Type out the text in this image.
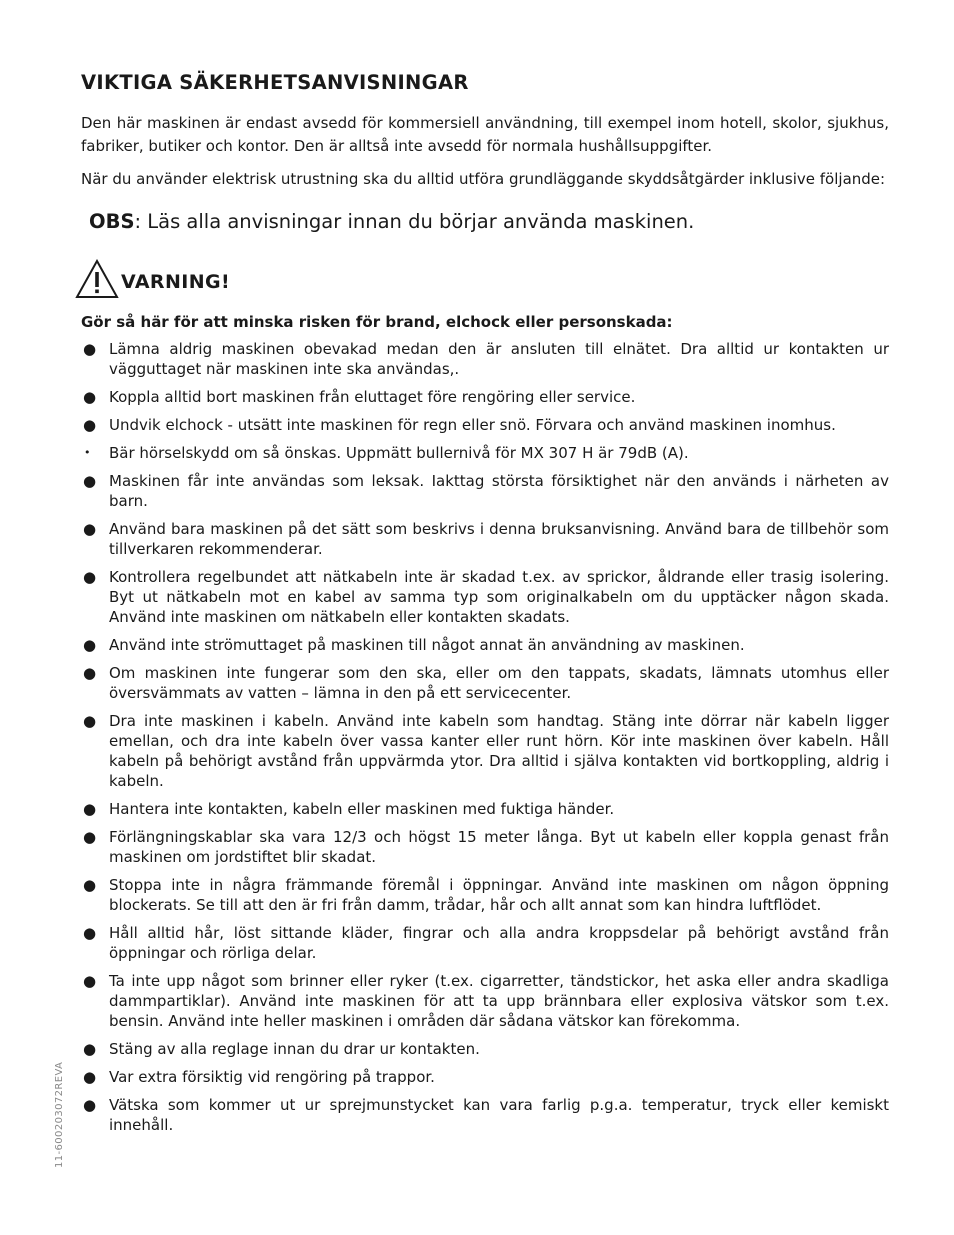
VIKTIGA SÄKERHETSANVISNINGAR

Den här maskinen är endast avsedd för kommersiell användning, till exempel inom hotell, skolor, sjukhus, fabriker, butiker och kontor. Den är alltså inte avsedd för normala hushållsuppgifter.

När du använder elektrisk utrustning ska du alltid utföra grundläggande skyddsåtgärder inklusive följande:

OBS: Läs alla anvisningar innan du börjar använda maskinen.
VARNING!
Gör så här för att minska risken för brand, elchock eller personskada:
● Lämna aldrig maskinen obevakad medan den är ansluten till elnätet. Dra alltid ur kontakten ur vägguttaget när maskinen inte ska användas,.
● Koppla alltid bort maskinen från eluttaget före rengöring eller service.
● Undvik elchock - utsätt inte maskinen för regn eller snö. Förvara och använd maskinen inomhus.
• Bär hörselskydd om så önskas. Uppmätt bullernivå för MX 307 H är 79dB (A).
● Maskinen får inte användas som leksak. Iakttag största försiktighet när den används i närheten av barn.
● Använd bara maskinen på det sätt som beskrivs i denna bruksanvisning. Använd bara de tillbehör som tillverkaren rekommenderar.
● Kontrollera regelbundet att nätkabeln inte är skadad t.ex. av sprickor, åldrande eller trasig isolering. Byt ut nätkabeln mot en kabel av samma typ som originalkabeln om du upptäcker någon skada. Använd inte maskinen om nätkabeln eller kontakten skadats.
● Använd inte strömuttaget på maskinen till något annat än användning av maskinen.
● Om maskinen inte fungerar som den ska, eller om den tappats, skadats, lämnats utomhus eller översvämmats av vatten – lämna in den på ett servicecenter.
● Dra inte maskinen i kabeln. Använd inte kabeln som handtag. Stäng inte dörrar när kabeln ligger emellan, och dra inte kabeln över vassa kanter eller runt hörn. Kör inte maskinen över kabeln. Håll kabeln på behörigt avstånd från uppvärmda ytor. Dra alltid i själva kontakten vid bortkoppling, aldrig i kabeln.
● Hantera inte kontakten, kabeln eller maskinen med fuktiga händer.
● Förlängningskablar ska vara 12/3 och högst 15 meter långa. Byt ut kabeln eller koppla genast från maskinen om jordstiftet blir skadat.
● Stoppa inte in några främmande föremål i öppningar. Använd inte maskinen om någon öppning blockerats. Se till att den är fri från damm, trådar, hår och allt annat som kan hindra luftflödet.
● Håll alltid hår, löst sittande kläder, fingrar och alla andra kroppsdelar på behörigt avstånd från öppningar och rörliga delar.
● Ta inte upp något som brinner eller ryker (t.ex. cigarretter, tändstickor, het aska eller andra skadliga dammpartiklar). Använd inte maskinen för att ta upp brännbara eller explosiva vätskor som t.ex. bensin. Använd inte heller maskinen i områden där sådana vätskor kan förekomma.
● Stäng av alla reglage innan du drar ur kontakten.
● Var extra försiktig vid rengöring på trappor.
● Vätska som kommer ut ur sprejmunstycket kan vara farlig p.g.a. temperatur, tryck eller kemiskt innehåll.
11-600203072REVA
